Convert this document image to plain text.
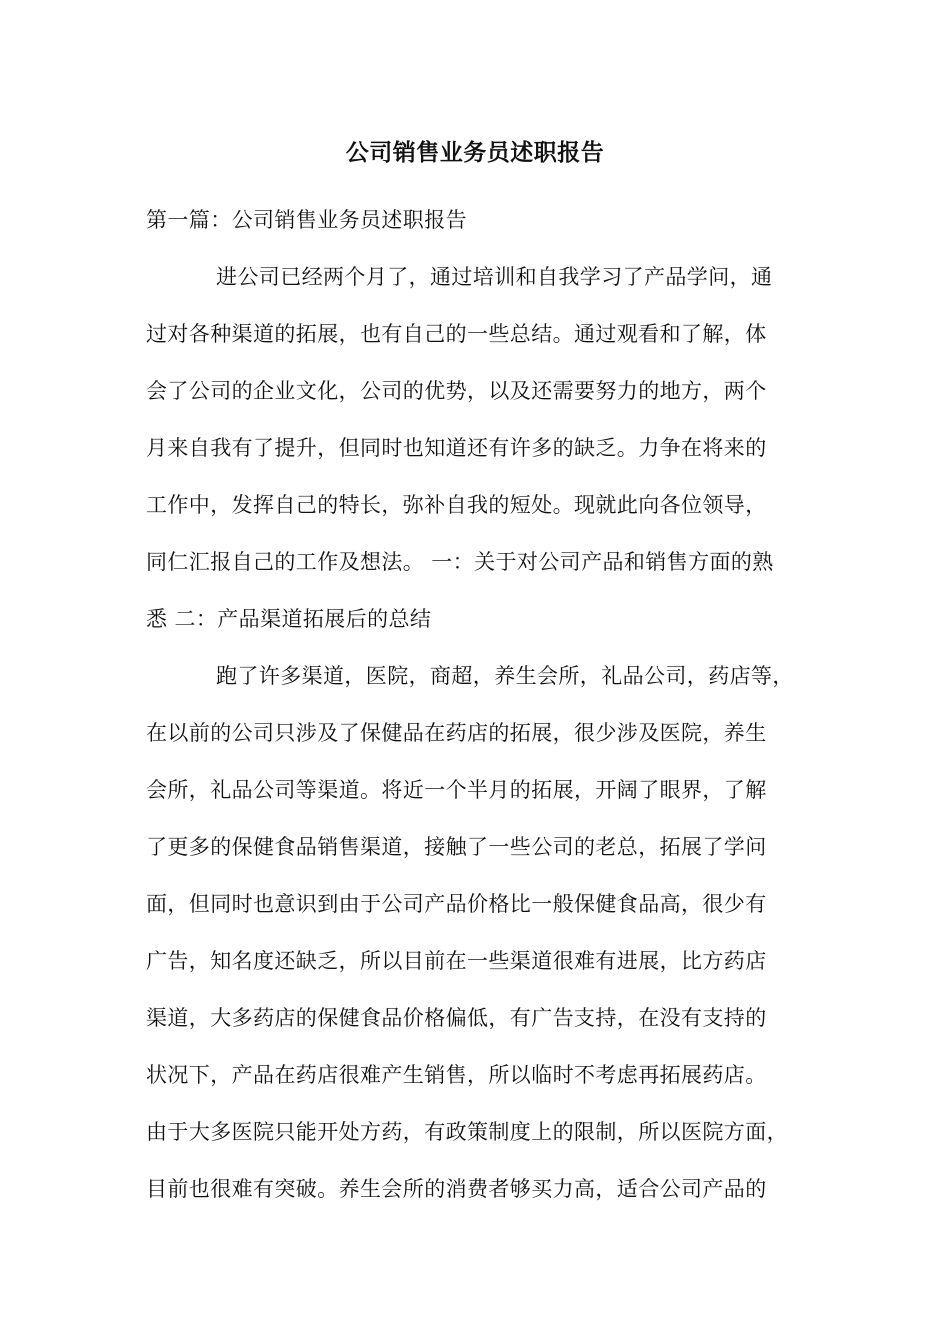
公司销售业务员述职报告
第一篇：公司销售业务员述职报告
进公司已经两个月了，通过培训和自我学习了产品学问，通
过对各种渠道的拓展，也有自己的一些总结。通过观看和了解，体
会了公司的企业文化，公司的优势，以及还需要努力的地方，两个
月来自我有了提升，但同时也知道还有许多的缺乏。力争在将来的
工作中，发挥自己的特长，弥补自我的短处。现就此向各位领导，
同仁汇报自己的工作及想法。 一：关于对公司产品和销售方面的熟
悉 二：产品渠道拓展后的总结
跑了许多渠道，医院，商超，养生会所，礼品公司，药店等，
在以前的公司只涉及了保健品在药店的拓展，很少涉及医院，养生
会所，礼品公司等渠道。将近一个半月的拓展，开阔了眼界，了解
了更多的保健食品销售渠道，接触了一些公司的老总，拓展了学问
面，但同时也意识到由于公司产品价格比一般保健食品高，很少有
广告，知名度还缺乏，所以目前在一些渠道很难有进展，比方药店
渠道，大多药店的保健食品价格偏低，有广告支持，在没有支持的
状况下，产品在药店很难产生销售，所以临时不考虑再拓展药店。
由于大多医院只能开处方药，有政策制度上的限制，所以医院方面，
目前也很难有突破。养生会所的消费者够买力高，适合公司产品的
